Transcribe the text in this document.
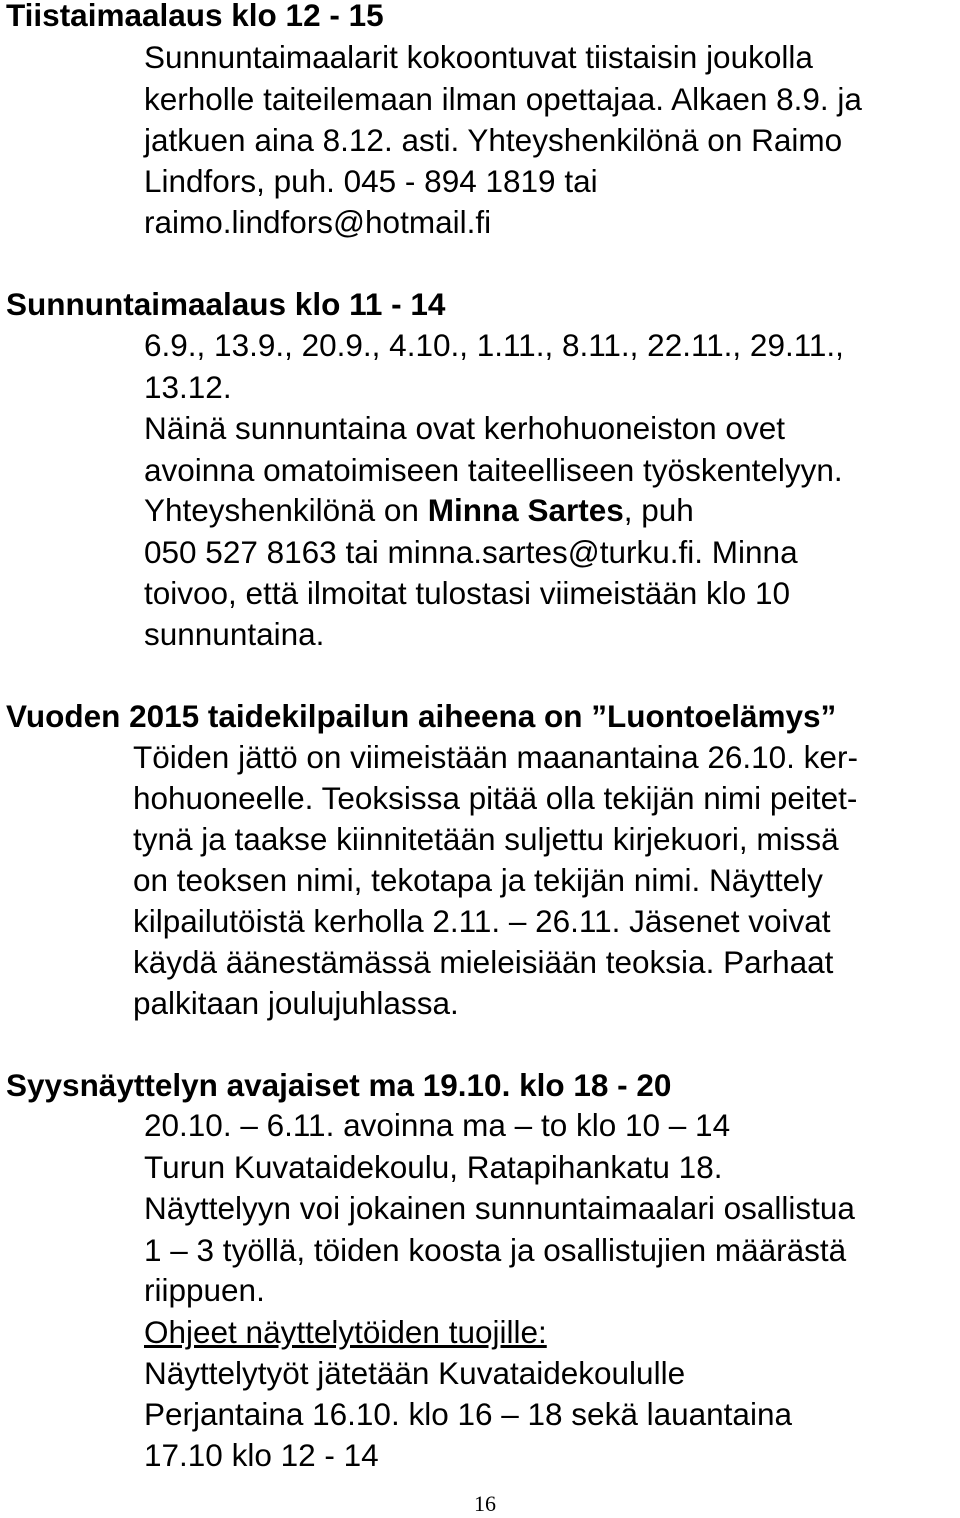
Tiistaimaalaus klo 12 - 15
Sunnuntaimaalarit kokoontuvat tiistaisin joukolla
kerholle taiteilemaan ilman opettajaa. Alkaen 8.9. ja
jatkuen aina 8.12. asti. Yhteyshenkilönä on Raimo
Lindfors, puh. 045 - 894 1819 tai
raimo.lindfors@hotmail.fi
Sunnuntaimaalaus klo 11 - 14
6.9., 13.9., 20.9., 4.10., 1.11., 8.11., 22.11., 29.11.,
13.12.
Näinä sunnuntaina ovat kerhohuoneiston ovet
avoinna omatoimiseen taiteelliseen työskentelyyn.
Yhteyshenkilönä on Minna Sartes, puh
050 527 8163 tai minna.sartes@turku.fi. Minna
toivoo, että ilmoitat tulostasi viimeistään klo 10
sunnuntaina.
Vuoden 2015 taidekilpailun aiheena on ”Luontoelämys”
Töiden jättö on viimeistään maanantaina 26.10. ker-
hohuoneelle. Teoksissa pitää olla tekijän nimi peitet-
tynä ja taakse kiinnitetään suljettu kirjekuori, missä
on teoksen nimi, tekotapa ja tekijän nimi. Näyttely
kilpailutöistä kerholla 2.11. – 26.11. Jäsenet voivat
käydä äänestämässä mieleisiään teoksia. Parhaat
palkitaan joulujuhlassa.
Syysnäyttelyn avajaiset ma 19.10. klo 18 - 20
20.10. – 6.11. avoinna ma – to klo 10 – 14
Turun Kuvataidekoulu, Ratapihankatu 18.
Näyttelyyn voi jokainen sunnuntaimaalari osallistua
1 – 3 työllä, töiden koosta ja osallistujien määrästä
riippuen.
Ohjeet näyttelytöiden tuojille:
Näyttelytyöt jätetään Kuvataidekoululle
Perjantaina 16.10. klo 16 – 18 sekä lauantaina
17.10 klo 12 - 14
16
